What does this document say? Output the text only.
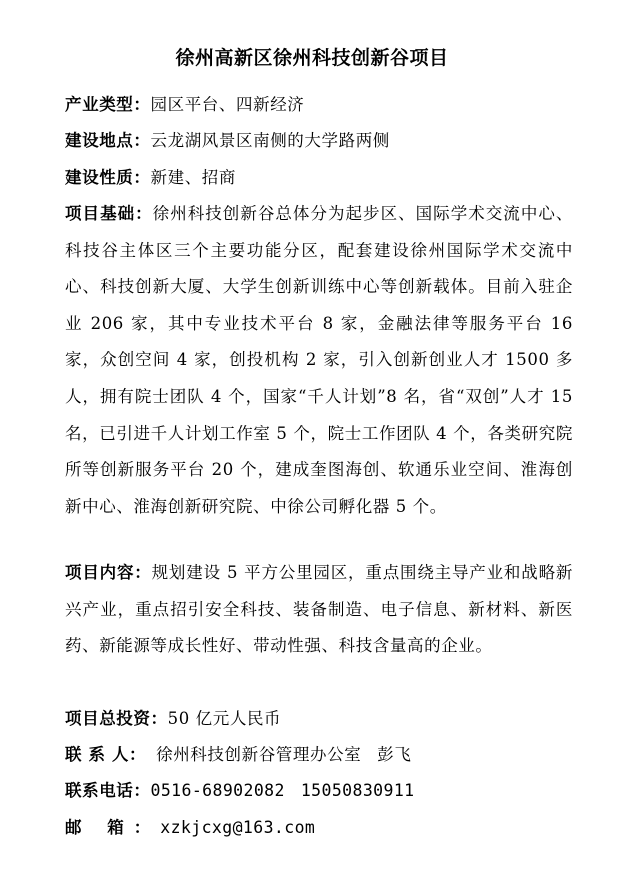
徐州高新区徐州科技创新谷项目

产业类型：园区平台、四新经济

建设地点：云龙湖风景区南侧的大学路两侧

建设性质：新建、招商

项目基础：徐州科技创新谷总体分为起步区、国际学术交流中心、科技谷主体区三个主要功能分区，配套建设徐州国际学术交流中心、科技创新大厦、大学生创新训练中心等创新载体。目前入驻企业 206 家，其中专业技术平台 8 家，金融法律等服务平台 16 家，众创空间 4 家，创投机构 2 家，引入创新创业人才 1500 多人，拥有院士团队 4 个，国家“千人计划”8 名，省“双创”人才 15 名，已引进千人计划工作室 5 个，院士工作团队 4 个，各类研究院所等创新服务平台 20 个，建成奎图海创、软通乐业空间、淮海创新中心、淮海创新研究院、中徐公司孵化器 5 个。

项目内容：规划建设 5 平方公里园区，重点围绕主导产业和战略新兴产业，重点招引安全科技、装备制造、电子信息、新材料、新医药、新能源等成长性好、带动性强、科技含量高的企业。

项目总投资：50 亿元人民币

联 系 人： 徐州科技创新谷管理办公室 彭飞

联系电话：0516-68902082 15050830911

邮 箱：xzkjcxg@163.com
